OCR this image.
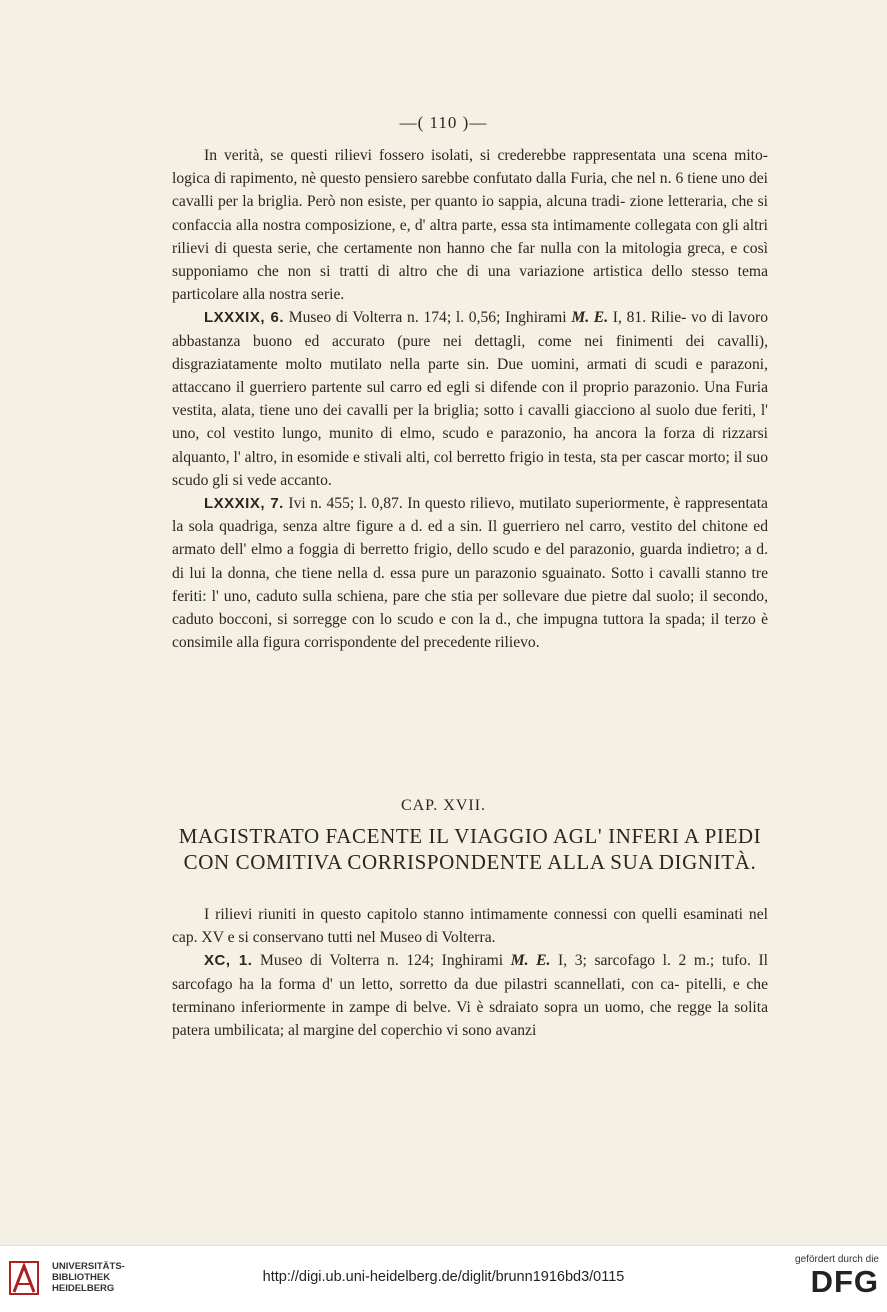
—( 110 )—

In verità, se questi rilievi fossero isolati, si crederebbe rappresentata una scena mito- logica di rapimento, nè questo pensiero sarebbe confutato dalla Furia, che nel n. 6 tiene uno dei cavalli per la briglia. Però non esiste, per quanto io sappia, alcuna tradi- zione letteraria, che si confaccia alla nostra composizione, e, d' altra parte, essa sta intimamente collegata con gli altri rilievi di questa serie, che certamente non hanno che far nulla con la mitologia greca, e così supponiamo che non si tratti di altro che di una variazione artistica dello stesso tema particolare alla nostra serie.

LXXXIX, 6. Museo di Volterra n. 174; l. 0,56; Inghirami M. E. I, 81. Rilie- vo di lavoro abbastanza buono ed accurato (pure nei dettagli, come nei finimenti dei cavalli), disgraziatamente molto mutilato nella parte sin. Due uomini, armati di scudi e parazoni, attaccano il guerriero partente sul carro ed egli si difende con il proprio parazonio. Una Furia vestita, alata, tiene uno dei cavalli per la briglia; sotto i cavalli giacciono al suolo due feriti, l' uno, col vestito lungo, munito di elmo, scudo e parazonio, ha ancora la forza di rizzarsi alquanto, l' altro, in esomide e stivali alti, col berretto frigio in testa, sta per cascar morto; il suo scudo gli si vede accanto.

LXXXIX, 7. Ivi n. 455; l. 0,87. In questo rilievo, mutilato superiormente, è rappresentata la sola quadriga, senza altre figure a d. ed a sin. Il guerriero nel carro, vestito del chitone ed armato dell' elmo a foggia di berretto frigio, dello scudo e del parazonio, guarda indietro; a d. di lui la donna, che tiene nella d. essa pure un parazonio sguainato. Sotto i cavalli stanno tre feriti: l' uno, caduto sulla schiena, pare che stia per sollevare due pietre dal suolo; il secondo, caduto bocconi, si sorregge con lo scudo e con la d., che impugna tuttora la spada; il terzo è consimile alla figura corrispondente del precedente rilievo.

CAP. XVII.
MAGISTRATO FACENTE IL VIAGGIO AGL' INFERI A PIEDI
CON COMITIVA CORRISPONDENTE ALLA SUA DIGNITÀ.

I rilievi riuniti in questo capitolo stanno intimamente connessi con quelli esaminati nel cap. XV e si conservano tutti nel Museo di Volterra.

XC, 1. Museo di Volterra n. 124; Inghirami M. E. I, 3; sarcofago l. 2 m.; tufo. Il sarcofago ha la forma d' un letto, sorretto da due pilastri scannellati, con ca- pitelli, e che terminano inferiormente in zampe di belve. Vi è sdraiato sopra un uomo, che regge la solita patera umbilicata; al margine del coperchio vi sono avanzi

UNIVERSITÄTS-
BIBLIOTHEK
HEIDELBERG
http://digi.ub.uni-heidelberg.de/diglit/brunn1916bd3/0115
gefördert durch die
DFG
